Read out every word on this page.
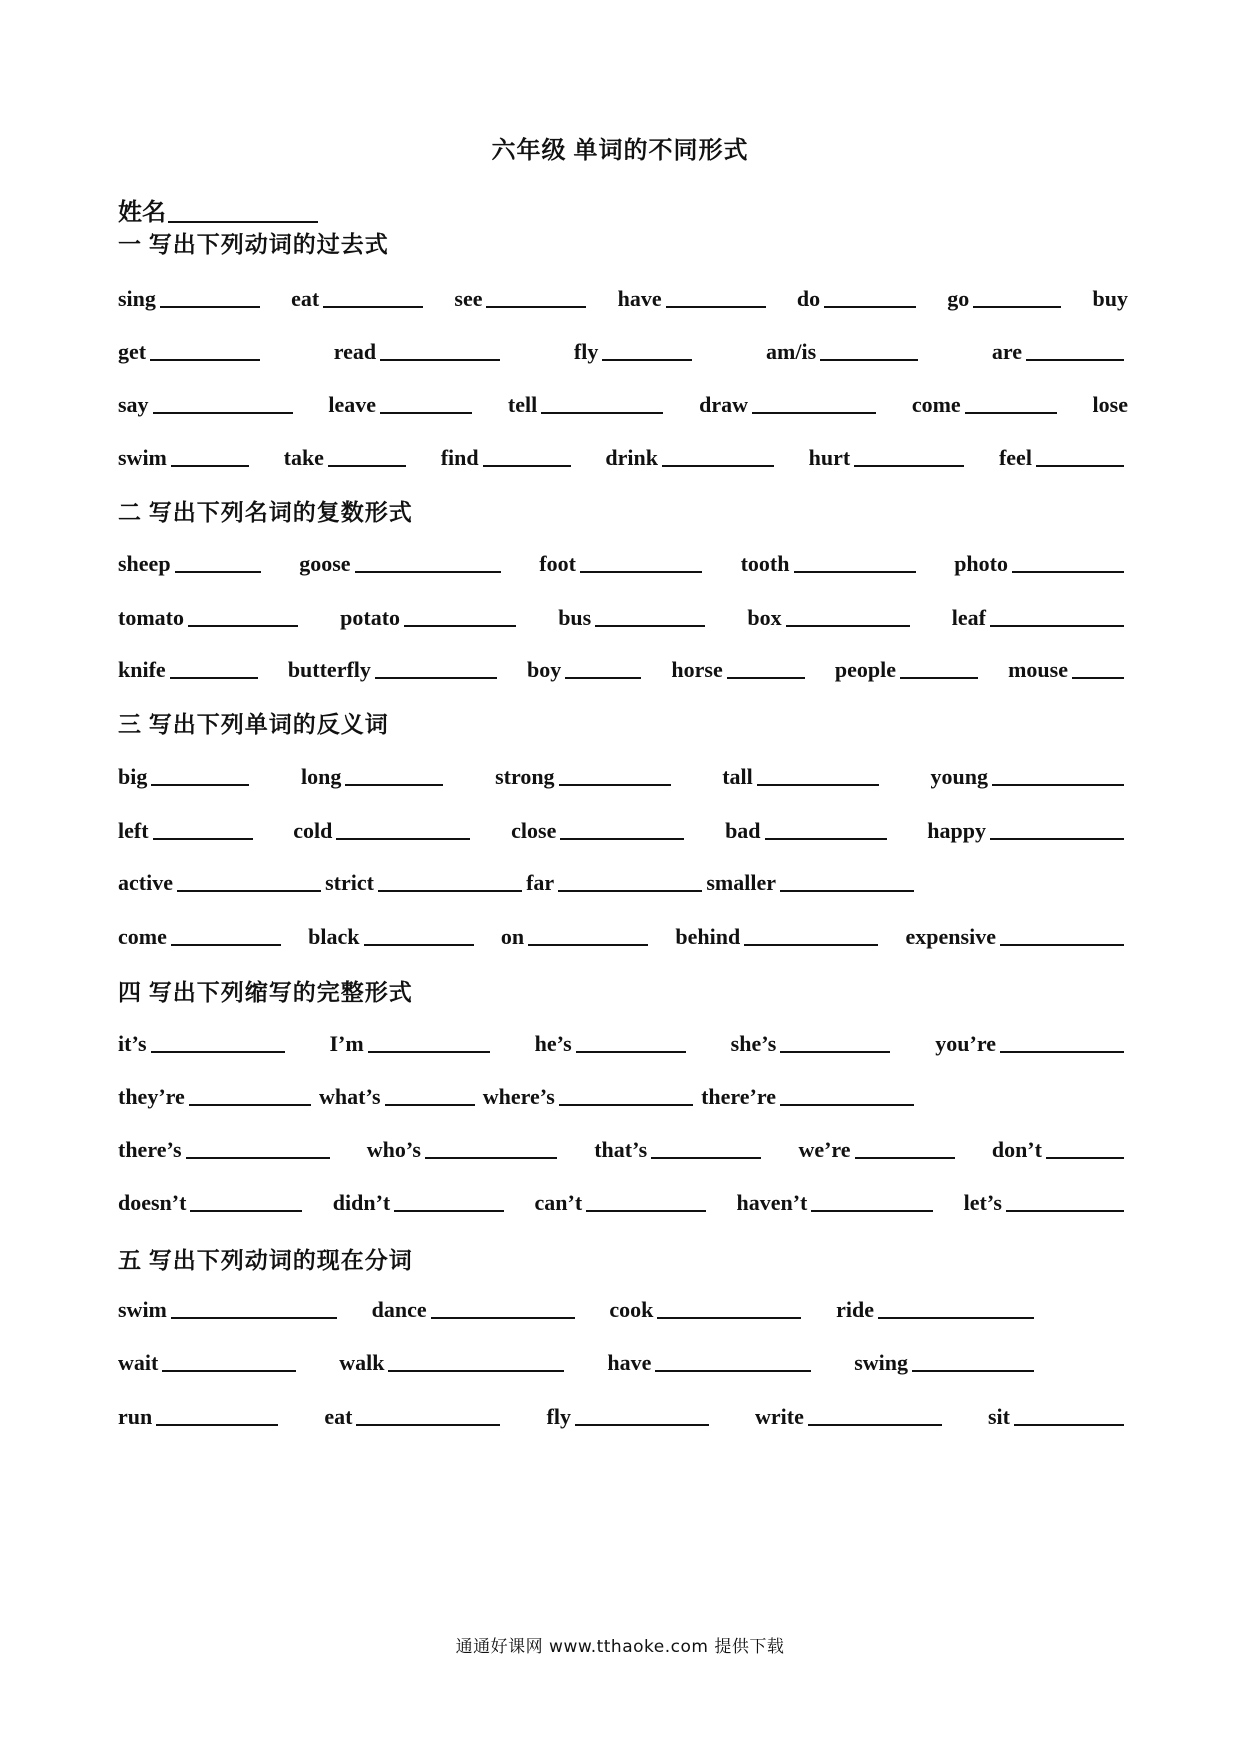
六年级 单词的不同形式
姓名
一 写出下列动词的过去式
sing	eat	see	have	do	go	buy
get	read	fly	am/is	are
say	leave	tell	draw	come	lose
swim	take	find	drink	hurt	feel
二 写出下列名词的复数形式
sheep	goose	foot	tooth	photo
tomato	potato	bus	box	leaf
knife	butterfly	boy	horse	people	mouse
三 写出下列单词的反义词
big	long	strong	tall	young
left	cold	close	bad	happy
active	strict	far	smaller
come	black	on	behind	expensive
四 写出下列缩写的完整形式
it’s	I’m	he’s	she’s	you’re
they’re	what’s	where’s	there’re
there’s	who’s	that’s	we’re	don’t
doesn’t	didn’t	can’t	haven’t	let’s
五 写出下列动词的现在分词
swim	dance	cook	ride
wait	walk	have	swing
run	eat	fly	write	sit
通通好课网 www.tthaoke.com 提供下载
